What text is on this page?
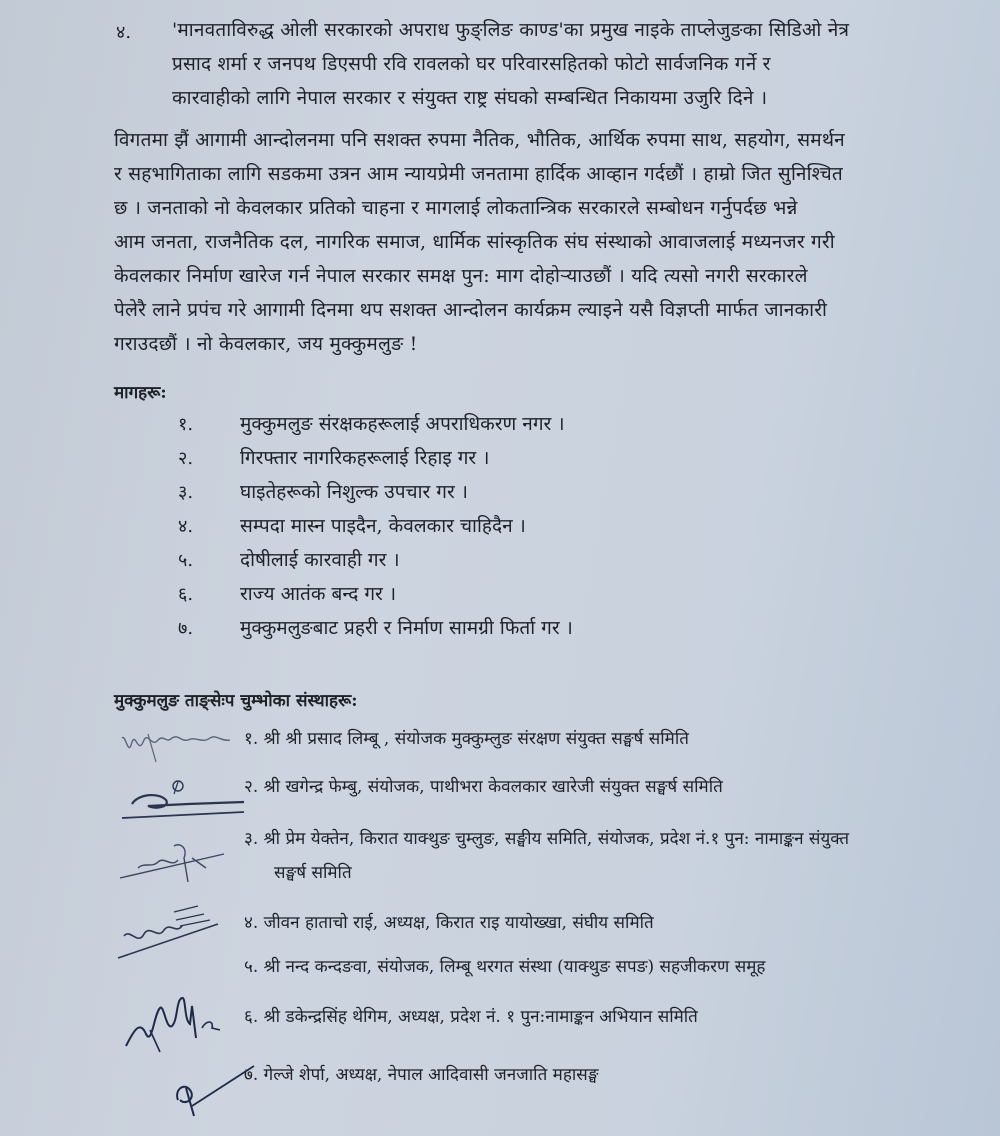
४. 'मानवताविरुद्ध ओली सरकारको अपराध फुङ्लिङ काण्ड'का प्रमुख नाइके ताप्लेजुङका सिडिओ नेत्र
प्रसाद शर्मा र जनपथ डिएसपी रवि रावलको घर परिवारसहितको फोटो सार्वजनिक गर्ने र
कारवाहीको लागि नेपाल सरकार र संयुक्त राष्ट्र संघको सम्बन्धित निकायमा उजुरि दिने ।
विगतमा झैं आगामी आन्दोलनमा पनि सशक्त रुपमा नैतिक, भौतिक, आर्थिक रुपमा साथ, सहयोग, समर्थन
र सहभागिताका लागि सडकमा उत्रन आम न्यायप्रेमी जनतामा हार्दिक आव्हान गर्दछौं । हाम्रो जित सुनिश्चित
छ । जनताको नो केवलकार प्रतिको चाहना र मागलाई लोकतान्त्रिक सरकारले सम्बोधन गर्नुपर्दछ भन्ने
आम जनता, राजनैतिक दल, नागरिक समाज, धार्मिक सांस्कृतिक संघ संस्थाको आवाजलाई मध्यनजर गरी
केवलकार निर्माण खारेज गर्न नेपाल सरकार समक्ष पुन: माग दोहोऱ्याउछौं । यदि त्यसो नगरी सरकारले
पेलेरै लाने प्रपंच गरे आगामी दिनमा थप सशक्त आन्दोलन कार्यक्रम ल्याइने यसै विज्ञप्ती मार्फत जानकारी
गराउदछौं । नो केवलकार, जय मुक्कुमलुङ !
मागहरू:
१. मुक्कुमलुङ संरक्षकहरूलाई अपराधिकरण नगर ।
२. गिरफ्तार नागरिकहरूलाई रिहाइ गर ।
३. घाइतेहरूको निशुल्क उपचार गर ।
४. सम्पदा मास्न पाइदैन, केवलकार चाहिदैन ।
५. दोषीलाई कारवाही गर ।
६. राज्य आतंक बन्द गर ।
७. मुक्कुमलुङबाट प्रहरी र निर्माण सामग्री फिर्ता गर ।
मुक्कुमलुङ ताङ्सेःप चुम्भोका संस्थाहरू:
१. श्री श्री प्रसाद लिम्बू , संयोजक मुक्कुम्लुङ संरक्षण संयुक्त सङ्घर्ष समिति
२. श्री खगेन्द्र फेम्बु, संयोजक, पाथीभरा केवलकार खारेजी संयुक्त सङ्घर्ष समिति
३. श्री प्रेम येक्तेन, किरात याक्थुङ चुम्लुङ, सङ्घीय समिति, संयोजक, प्रदेश नं.१ पुन: नामाङ्कन संयुक्त
सङ्घर्ष समिति
४. जीवन हाताचो राई, अध्यक्ष, किरात राइ यायोख्खा, संघीय समिति
५. श्री नन्द कन्दङवा, संयोजक, लिम्बू थरगत संस्था (याक्थुङ सपङ) सहजीकरण समूह
६. श्री डकेन्द्रसिंह थेगिम, अध्यक्ष, प्रदेश नं. १ पुन:नामाङ्कन अभियान समिति
७. गेल्जे शेर्पा, अध्यक्ष, नेपाल आदिवासी जनजाति महासङ्घ
